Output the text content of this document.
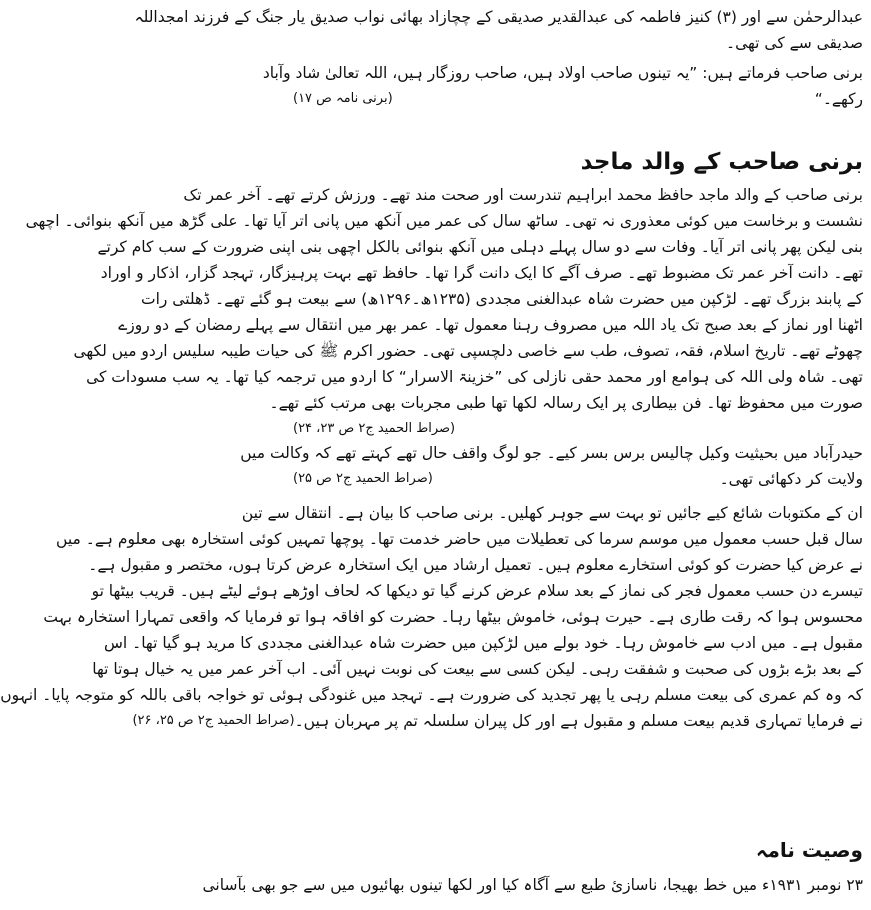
عبدالرحمٰن سے اور (۳) کنیز فاطمہ کی عبدالقدیر صدیقی کے چچازاد بھائی نواب صدیق یار جنگ کے فرزند امجداللہ

صدیقی سے کی تھی۔

برنی صاحب فرماتے ہیں: ”یہ تینوں صاحب اولاد ہیں، صاحب روزگار ہیں، اللہ تعالیٰ شاد وآباد

رکھے۔“
(برنی نامہ ص ۱۷)

برنی صاحب کے والد ماجد

برنی صاحب کے والد ماجد حافظ محمد ابراہیم تندرست اور صحت مند تھے۔ ورزش کرتے تھے۔ آخر عمر تک

نشست و برخاست میں کوئی معذوری نہ تھی۔ ساٹھ سال کی عمر میں آنکھ میں پانی اتر آیا تھا۔ علی گڑھ میں آنکھ بنوائی۔ اچھی

بنی لیکن پھر پانی اتر آیا۔ وفات سے دو سال پہلے دہلی میں آنکھ بنوائی بالکل اچھی بنی اپنی ضرورت کے سب کام کرتے

تھے۔ دانت آخر عمر تک مضبوط تھے۔ صرف آگے کا ایک دانت گرا تھا۔ حافظ تھے بہت پرہیزگار، تہجد گزار، اذکار و اوراد

کے پابند بزرگ تھے۔ لڑکپن میں حضرت شاہ عبدالغنی مجددی (۱۲۳۵ھ۔۱۲۹۶ھ) سے بیعت ہو گئے تھے۔ ڈھلتی رات

اٹھنا اور نماز کے بعد صبح تک یاد اللہ میں مصروف رہنا معمول تھا۔ عمر بھر میں انتقال سے پہلے رمضان کے دو روزے

چھوٹے تھے۔ تاریخ اسلام، فقہ، تصوف، طب سے خاصی دلچسپی تھی۔ حضور اکرم ﷺ کی حیات طیبہ سلیس اردو میں لکھی

تھی۔ شاہ ولی اللہ کی ہوامع اور محمد حقی نازلی کی ”خزینۃ الاسرار“ کا اردو میں ترجمہ کیا تھا۔ یہ سب مسودات کی

صورت میں محفوظ تھا۔ فن بیطاری پر ایک رسالہ لکھا تھا طبی مجربات بھی مرتب کئے تھے۔

(صراط الحمید ج۲ ص ۲۳، ۲۴)

حیدرآباد میں بحیثیت وکیل چالیس برس بسر کیے۔ جو لوگ واقف حال تھے کہتے تھے کہ وکالت میں

ولایت کر دکھائی تھی۔
(صراط الحمید ج۲ ص ۲۵)

ان کے مکتوبات شائع کیے جائیں تو بہت سے جوہر کھلیں۔ برنی صاحب کا بیان ہے۔ انتقال سے تین

سال قبل حسب معمول میں موسم سرما کی تعطیلات میں حاضر خدمت تھا۔ پوچھا تمہیں کوئی استخارہ بھی معلوم ہے۔ میں

نے عرض کیا حضرت کو کوئی استخارے معلوم ہیں۔ تعمیل ارشاد میں ایک استخارہ عرض کرتا ہوں، مختصر و مقبول ہے۔

تیسرے دن حسب معمول فجر کی نماز کے بعد سلام عرض کرنے گیا تو دیکھا کہ لحاف اوڑھے ہوئے لیٹے ہیں۔ قریب بیٹھا تو

محسوس ہوا کہ رقت طاری ہے۔ حیرت ہوئی، خاموش بیٹھا رہا۔ حضرت کو افاقہ ہوا تو فرمایا کہ واقعی تمہارا استخارہ بہت

مقبول ہے۔ میں ادب سے خاموش رہا۔ خود بولے میں لڑکپن میں حضرت شاہ عبدالغنی مجددی کا مرید ہو گیا تھا۔ اس

کے بعد بڑے بڑوں کی صحبت و شفقت رہی۔ لیکن کسی سے بیعت کی نوبت نہیں آئی۔ اب آخر عمر میں یہ خیال ہوتا تھا

کہ وہ کم عمری کی بیعت مسلم رہی یا پھر تجدید کی ضرورت ہے۔ تہجد میں غنودگی ہوئی تو خواجہ باقی باللہ کو متوجہ پایا۔ انہوں

نے فرمایا تمہاری قدیم بیعت مسلم و مقبول ہے اور کل پیران سلسلہ تم پر مہربان ہیں۔
(صراط الحمید ج۲ ص ۲۵، ۲۶)

وصیت نامہ

۲۳ نومبر ۱۹۳۱ء میں خط بھیجا، ناسازئ طبع سے آگاہ کیا اور لکھا تینوں بھائیوں میں سے جو بھی بآسانی
